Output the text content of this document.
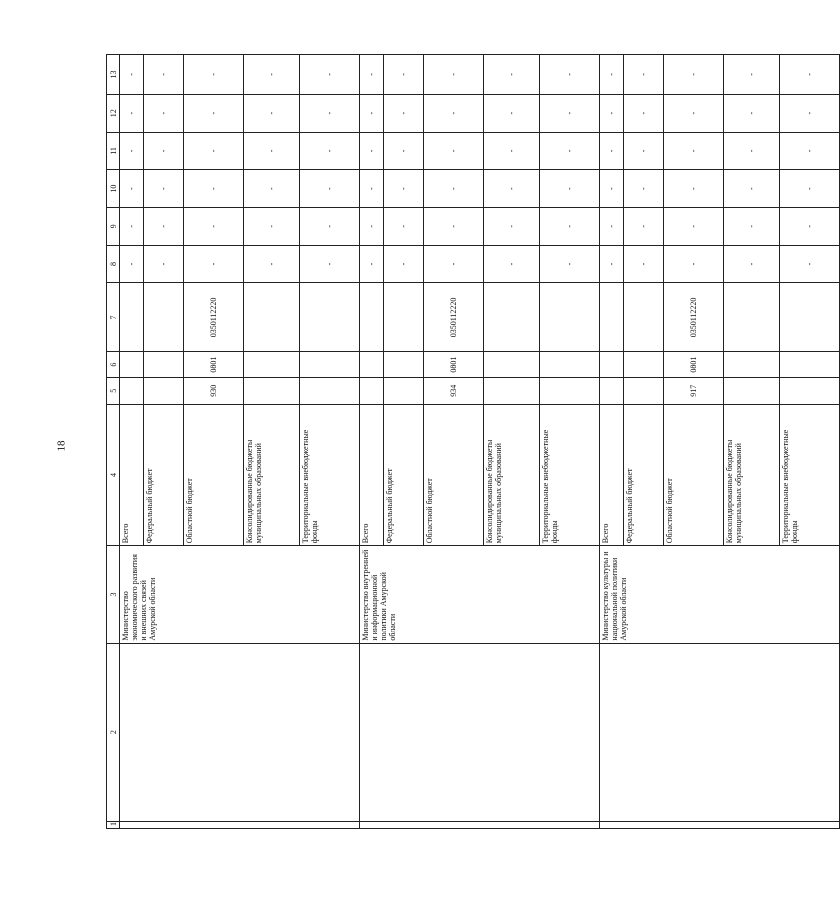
18
1	2	3	4	5	6	7	8	9	10	11	12	13
		Министерство экономического развития и внешних связей Амурской области	Всего				-	-	-	-	-	-
			Федеральный бюджет				-	-	-	-	-	-
			Областной бюджет	930	0801	0350112220	-	-	-	-	-	-
			Консолидированные бюджеты муниципальных образований				-	-	-	-	-	-
			Территориальные внебюджетные фонды				-	-	-	-	-	-
		Министерство внутренней и информационной политики Амурской области	Всего				-	-	-	-	-	-
			Федеральный бюджет				-	-	-	-	-	-
			Областной бюджет	934	0801	0350112220	-	-	-	-	-	-
			Консолидированные бюджеты муниципальных образований				-	-	-	-	-	-
			Территориальные внебюджетные фонды				-	-	-	-	-	-
		Министерство культуры и национальной политики Амурской области	Всего				-	-	-	-	-	-
			Федеральный бюджет				-	-	-	-	-	-
			Областной бюджет	917	0801	0350112220	-	-	-	-	-	-
			Консолидированные бюджеты муниципальных образований				-	-	-	-	-	-
			Территориальные внебюджетные фонды				-	-	-	-	-	-
